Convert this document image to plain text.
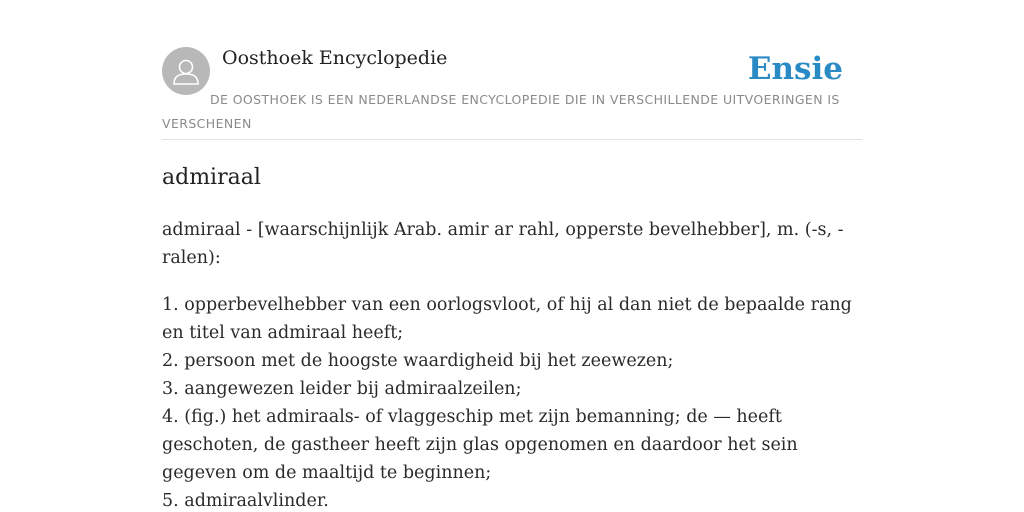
Oosthoek Encyclopedie	Ensie
DE OOSTHOEK IS EEN NEDERLANDSE ENCYCLOPEDIE DIE IN VERSCHILLENDE UITVOERINGEN IS VERSCHENEN
admiraal

admiraal - [waarschijnlijk Arab. amir ar rahl, opperste bevelhebber], m. (-s, -ralen):

1. opperbevelhebber van een oorlogsvloot, of hij al dan niet de bepaalde rang en titel van admiraal heeft;
2. persoon met de hoogste waardigheid bij het zeewezen;
3. aangewezen leider bij admiraalzeilen;
4. (fig.) het admiraals- of vlaggeschip met zijn bemanning; de — heeft geschoten, de gastheer heeft zijn glas opgenomen en daardoor het sein gegeven om de maaltijd te beginnen;
5. admiraalvlinder.
